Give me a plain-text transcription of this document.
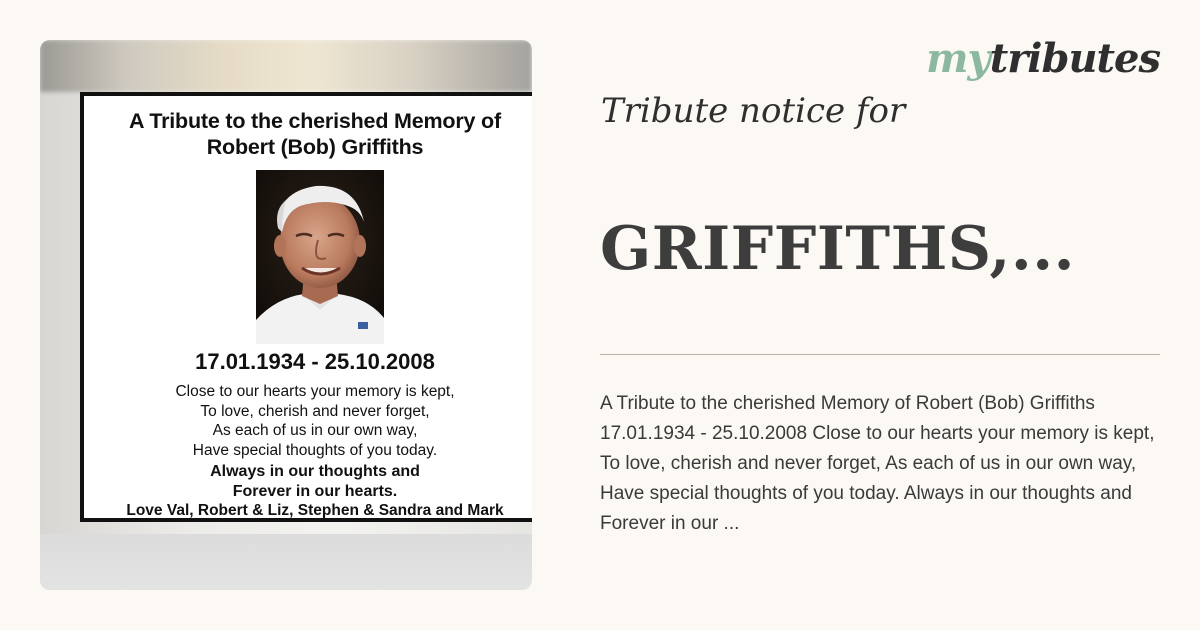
A Tribute to the cherished Memory of
Robert (Bob) Griffiths
17.01.1934 - 25.10.2008
Close to our hearts your memory is kept,
To love, cherish and never forget,
As each of us in our own way,
Have special thoughts of you today.
Always in our thoughts and
Forever in our hearts.
Love Val, Robert & Liz, Stephen & Sandra and Mark
mytributes
Tribute notice for
GRIFFITHS,...
A Tribute to the cherished Memory of Robert (Bob) Griffiths 17.01.1934 - 25.10.2008 Close to our hearts your memory is kept, To love, cherish and never forget, As each of us in our own way, Have special thoughts of you today. Always in our thoughts and Forever in our ...
